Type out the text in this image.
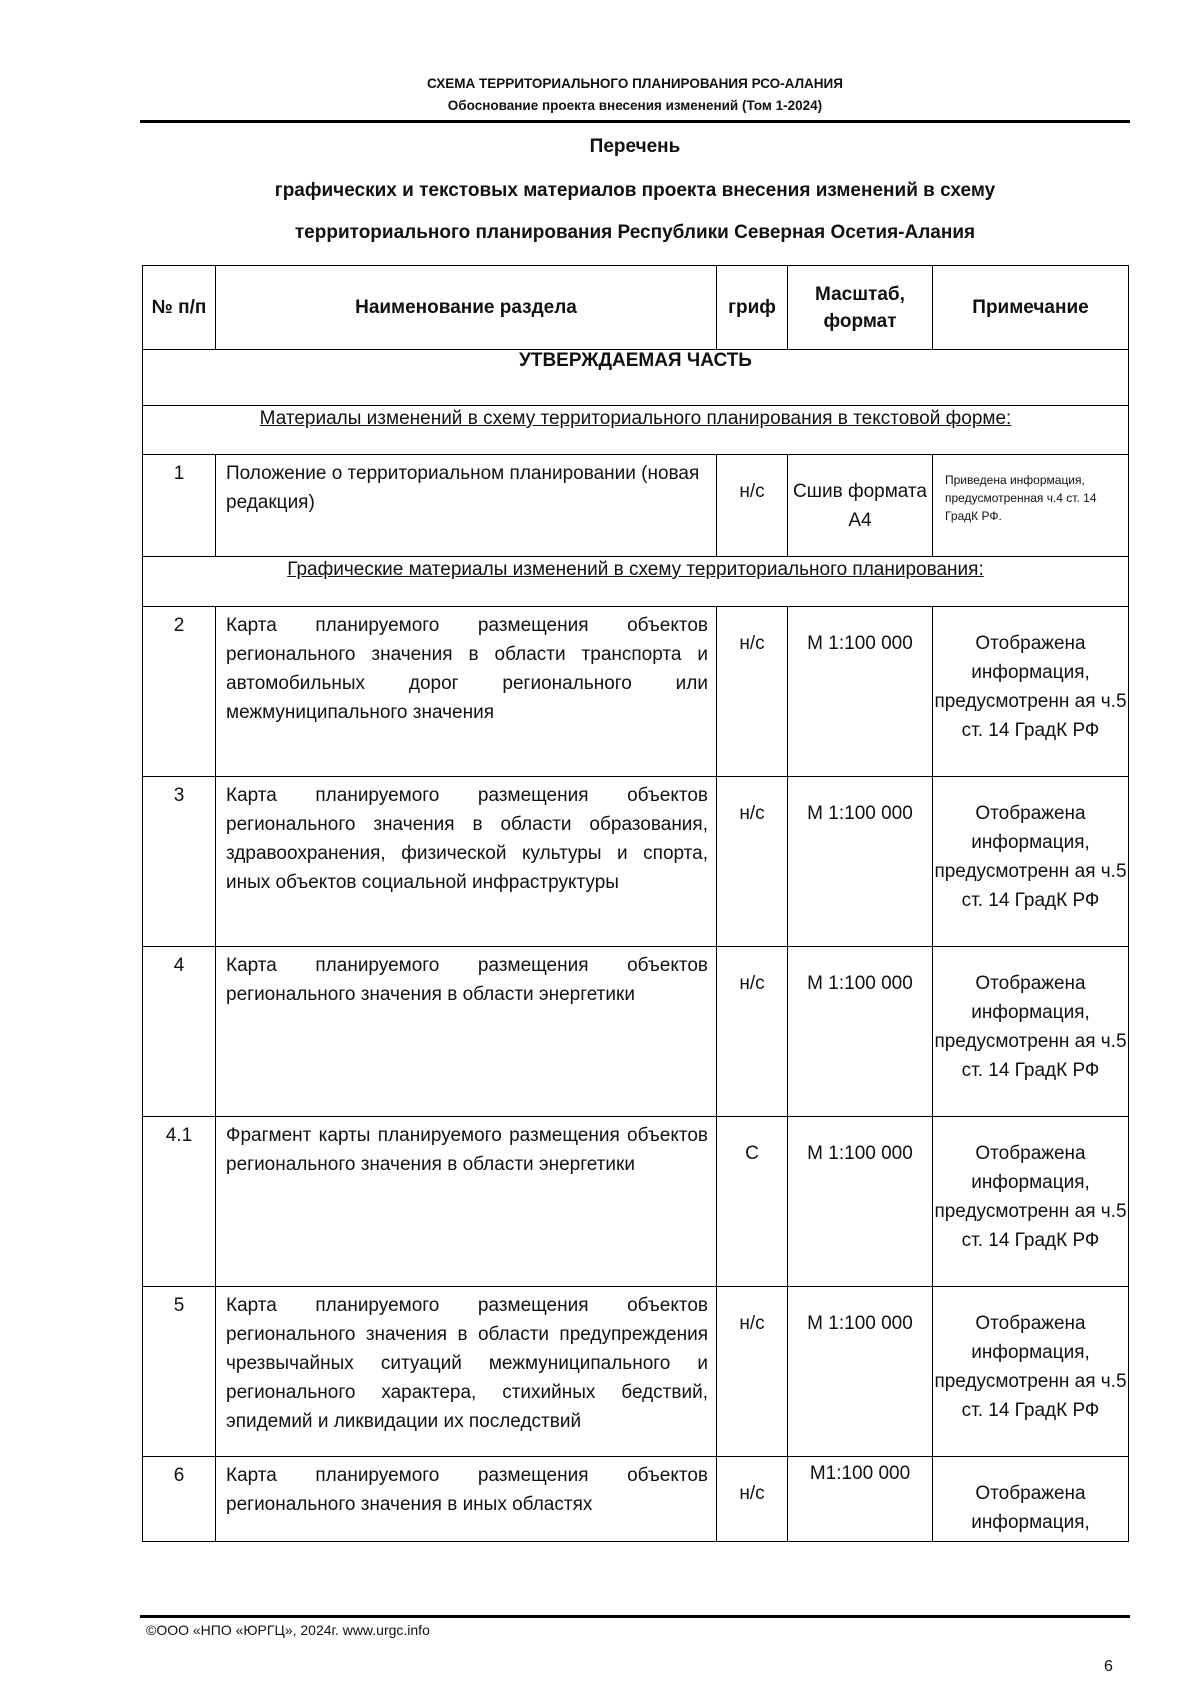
СХЕМА ТЕРРИТОРИАЛЬНОГО ПЛАНИРОВАНИЯ РСО-АЛАНИЯ
Обоснование проекта внесения изменений (Том 1-2024)
Перечень
графических и текстовых материалов проекта внесения изменений в схему
территориального планирования Республики Северная Осетия-Алания
№ п/п	Наименование раздела	гриф	Масштаб, формат	Примечание
УТВЕРЖДАЕМАЯ ЧАСТЬ				
Материалы изменений в схему территориального планирования в текстовой форме:				
1	Положение о территориальном планировании (новая редакция)	н/с	Сшив формата А4	Приведена информация, предусмотренная ч.4 ст. 14 ГрадК РФ.
Графические материалы изменений в схему территориального планирования:				
2	Карта планируемого размещения объектов регионального значения в области транспорта и автомобильных дорог регионального или межмуниципального значения	н/с	М 1:100 000	Отображена информация, предусмотренн ая ч.5 ст. 14 ГрадК РФ
3	Карта планируемого размещения объектов регионального значения в области образования, здравоохранения, физической культуры и спорта, иных объектов социальной инфраструктуры	н/с	М 1:100 000	Отображена информация, предусмотренн ая ч.5 ст. 14 ГрадК РФ
4	Карта планируемого размещения объектов регионального значения в области энергетики	н/с	М 1:100 000	Отображена информация, предусмотренн ая ч.5 ст. 14 ГрадК РФ
4.1	Фрагмент карты планируемого размещения объектов регионального значения в области энергетики	С	М 1:100 000	Отображена информация, предусмотренн ая ч.5 ст. 14 ГрадК РФ
5	Карта планируемого размещения объектов регионального значения в области предупреждения чрезвычайных ситуаций межмуниципального и регионального характера, стихийных бедствий, эпидемий и ликвидации их последствий	н/с	М 1:100 000	Отображена информация, предусмотренн ая ч.5 ст. 14 ГрадК РФ
6	Карта планируемого размещения объектов регионального значения в иных областях	н/с	М1:100 000	Отображена информация,
©ООО «НПО «ЮРГЦ», 2024г. www.urgc.info
6
